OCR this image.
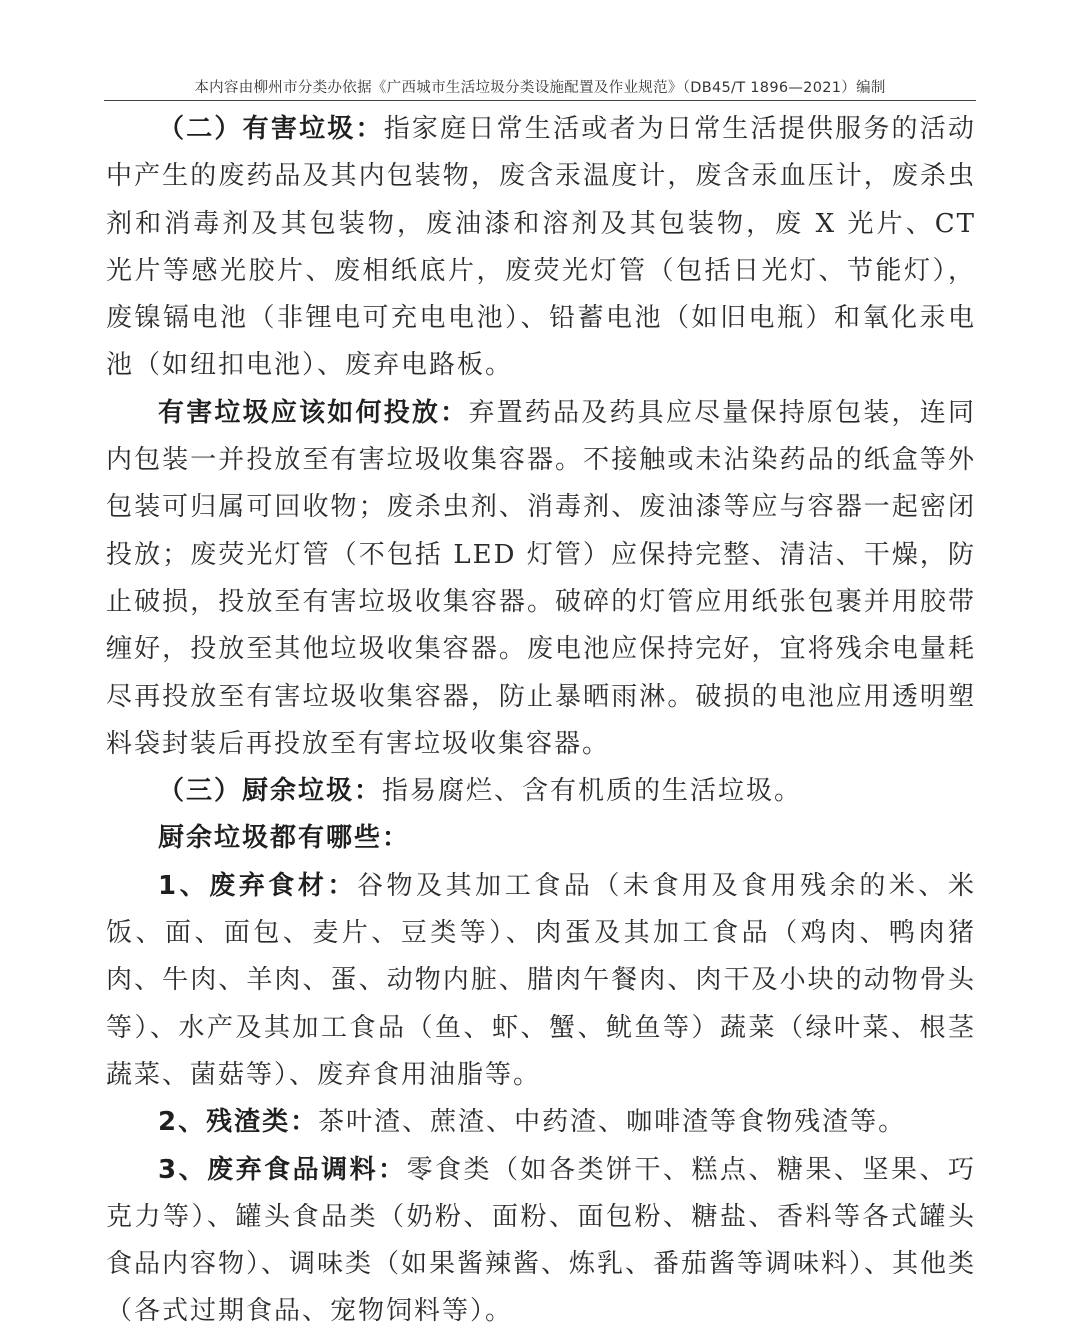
本内容由柳州市分类办依据《广西城市生活垃圾分类设施配置及作业规范》（DB45/T 1896—2021）编制

（二）有害垃圾：指家庭日常生活或者为日常生活提供服务的活动中产生的废药品及其内包装物，废含汞温度计，废含汞血压计，废杀虫剂和消毒剂及其包装物，废油漆和溶剂及其包装物，废 X 光片、CT 光片等感光胶片、废相纸底片，废荧光灯管（包括日光灯、节能灯），废镍镉电池（非锂电可充电电池）、铅蓄电池（如旧电瓶）和氧化汞电池（如纽扣电池）、废弃电路板。

有害垃圾应该如何投放：弃置药品及药具应尽量保持原包装，连同内包装一并投放至有害垃圾收集容器。不接触或未沾染药品的纸盒等外包装可归属可回收物；废杀虫剂、消毒剂、废油漆等应与容器一起密闭投放；废荧光灯管（不包括 LED 灯管）应保持完整、清洁、干燥，防止破损，投放至有害垃圾收集容器。破碎的灯管应用纸张包裹并用胶带缠好，投放至其他垃圾收集容器。废电池应保持完好，宜将残余电量耗尽再投放至有害垃圾收集容器，防止暴晒雨淋。破损的电池应用透明塑料袋封装后再投放至有害垃圾收集容器。

（三）厨余垃圾：指易腐烂、含有机质的生活垃圾。

厨余垃圾都有哪些：

1、废弃食材：谷物及其加工食品（未食用及食用残余的米、米饭、面、面包、麦片、豆类等）、肉蛋及其加工食品（鸡肉、鸭肉猪肉、牛肉、羊肉、蛋、动物内脏、腊肉午餐肉、肉干及小块的动物骨头等）、水产及其加工食品（鱼、虾、蟹、鱿鱼等）蔬菜（绿叶菜、根茎蔬菜、菌菇等）、废弃食用油脂等。

2、残渣类：茶叶渣、蔗渣、中药渣、咖啡渣等食物残渣等。

3、废弃食品调料：零食类（如各类饼干、糕点、糖果、坚果、巧克力等）、罐头食品类（奶粉、面粉、面包粉、糖盐、香料等各式罐头食品内容物）、调味类（如果酱辣酱、炼乳、番茄酱等调味料）、其他类（各式过期食品、宠物饲料等）。
